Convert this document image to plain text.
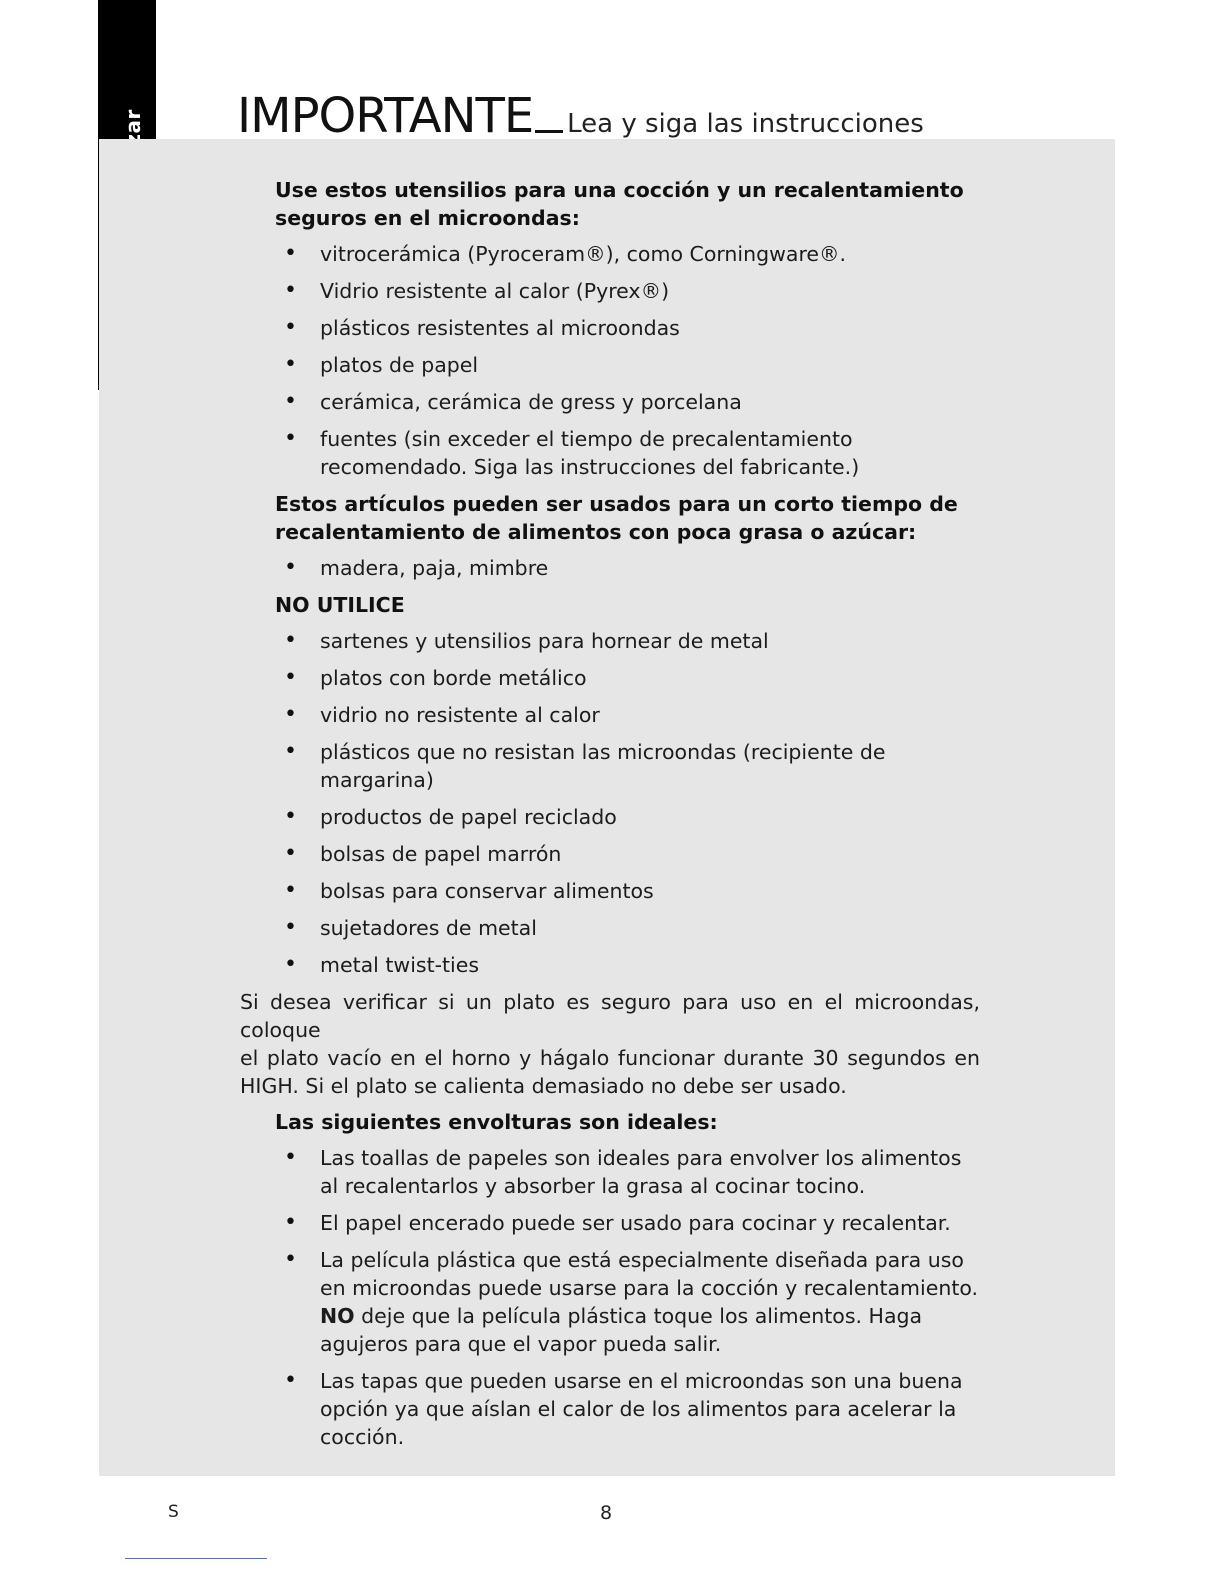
IMPORTANTE Lea y siga las instrucciones
Use estos utensilios para una cocción y un recalentamiento seguros en el microondas:
• vitrocerámica (Pyroceram®), como Corningware®.
• Vidrio resistente al calor (Pyrex®)
• plásticos resistentes al microondas
• platos de papel
• cerámica, cerámica de gress y porcelana
• fuentes (sin exceder el tiempo de precalentamiento recomendado. Siga las instrucciones del fabricante.)
Estos artículos pueden ser usados para un corto tiempo de recalentamiento de alimentos con poca grasa o azúcar:
• madera, paja, mimbre
NO UTILICE
• sartenes y utensilios para hornear de metal
• platos con borde metálico
• vidrio no resistente al calor
• plásticos que no resistan las microondas (recipiente de margarina)
• productos de papel reciclado
• bolsas de papel marrón
• bolsas para conservar alimentos
• sujetadores de metal
• metal twist-ties
Si desea verificar si un plato es seguro para uso en el microondas, coloque
el plato vacío en el horno y hágalo funcionar durante 30 segundos en
HIGH. Si el plato se calienta demasiado no debe ser usado.
Las siguientes envolturas son ideales:
• Las toallas de papeles son ideales para envolver los alimentos al recalentarlos y absorber la grasa al cocinar tocino.
• El papel encerado puede ser usado para cocinar y recalentar.
• La película plástica que está especialmente diseñada para uso en microondas puede usarse para la cocción y recalentamiento. NO deje que la película plástica toque los alimentos. Haga agujeros para que el vapor pueda salir.
• Las tapas que pueden usarse en el microondas son una buena opción ya que aíslan el calor de los alimentos para acelerar la cocción.
S	8
